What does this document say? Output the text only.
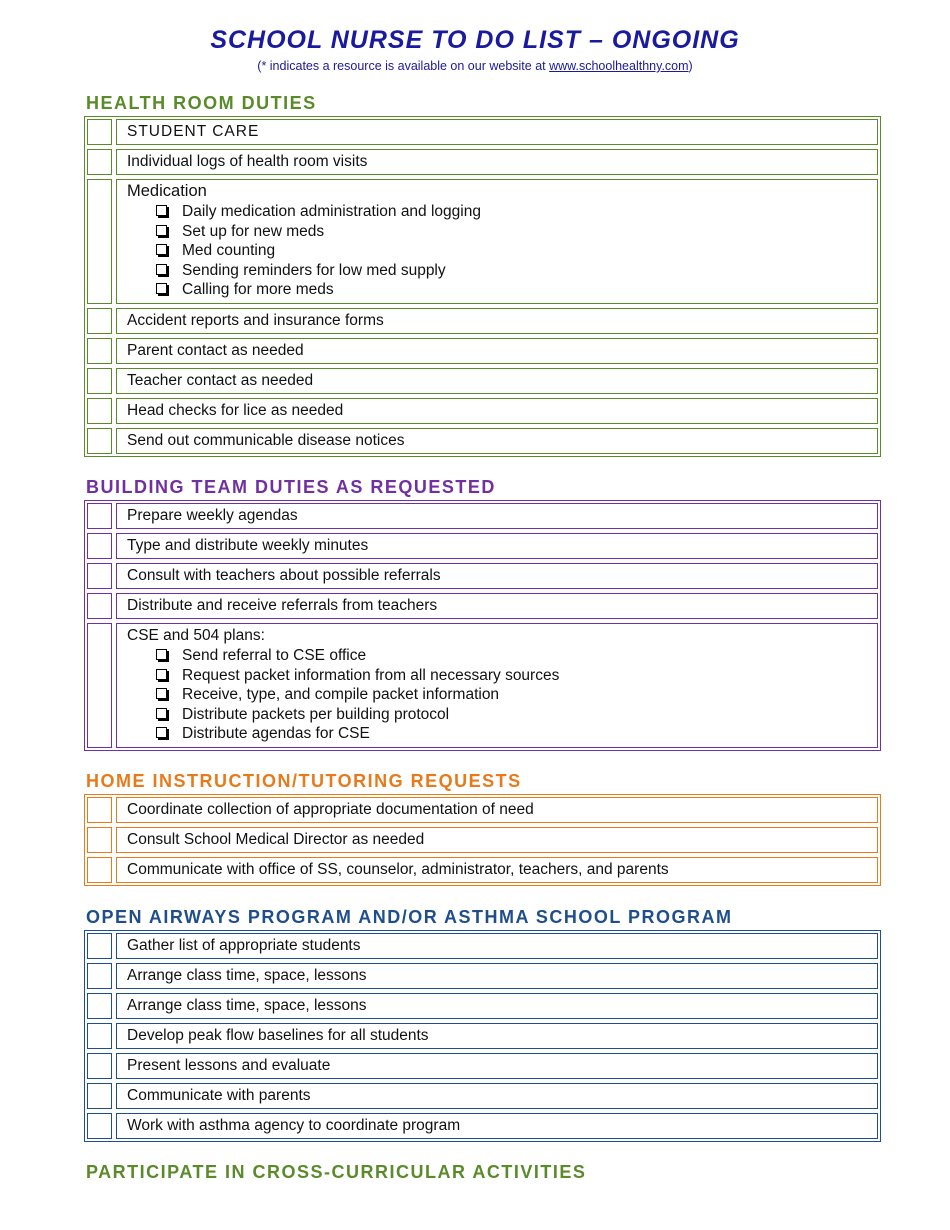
SCHOOL NURSE TO DO LIST – ONGOING
(* indicates a resource is available on our website at www.schoolhealthny.com)
HEALTH ROOM DUTIES
STUDENT CARE
Individual logs of health room visits
Medication
Daily medication administration and logging
Set up for new meds
Med counting
Sending reminders for low med supply
Calling for more meds
Accident reports and insurance forms
Parent contact as needed
Teacher contact as needed
Head checks for lice as needed
Send out communicable disease notices
BUILDING TEAM DUTIES AS REQUESTED
Prepare weekly agendas
Type and distribute weekly minutes
Consult with teachers about possible referrals
Distribute and receive referrals from teachers
CSE and 504 plans:
Send referral to CSE office
Request packet information from all necessary sources
Receive, type, and compile packet information
Distribute packets per building protocol
Distribute agendas for CSE
HOME INSTRUCTION/TUTORING REQUESTS
Coordinate collection of appropriate documentation of need
Consult School Medical Director as needed
Communicate with office of SS, counselor, administrator, teachers, and parents
OPEN AIRWAYS PROGRAM AND/OR ASTHMA SCHOOL PROGRAM
Gather list of appropriate students
Arrange class time, space, lessons
Arrange class time, space, lessons
Develop peak flow baselines for all students
Present lessons and evaluate
Communicate with parents
Work with asthma agency to coordinate program
PARTICIPATE IN CROSS-CURRICULAR ACTIVITIES
